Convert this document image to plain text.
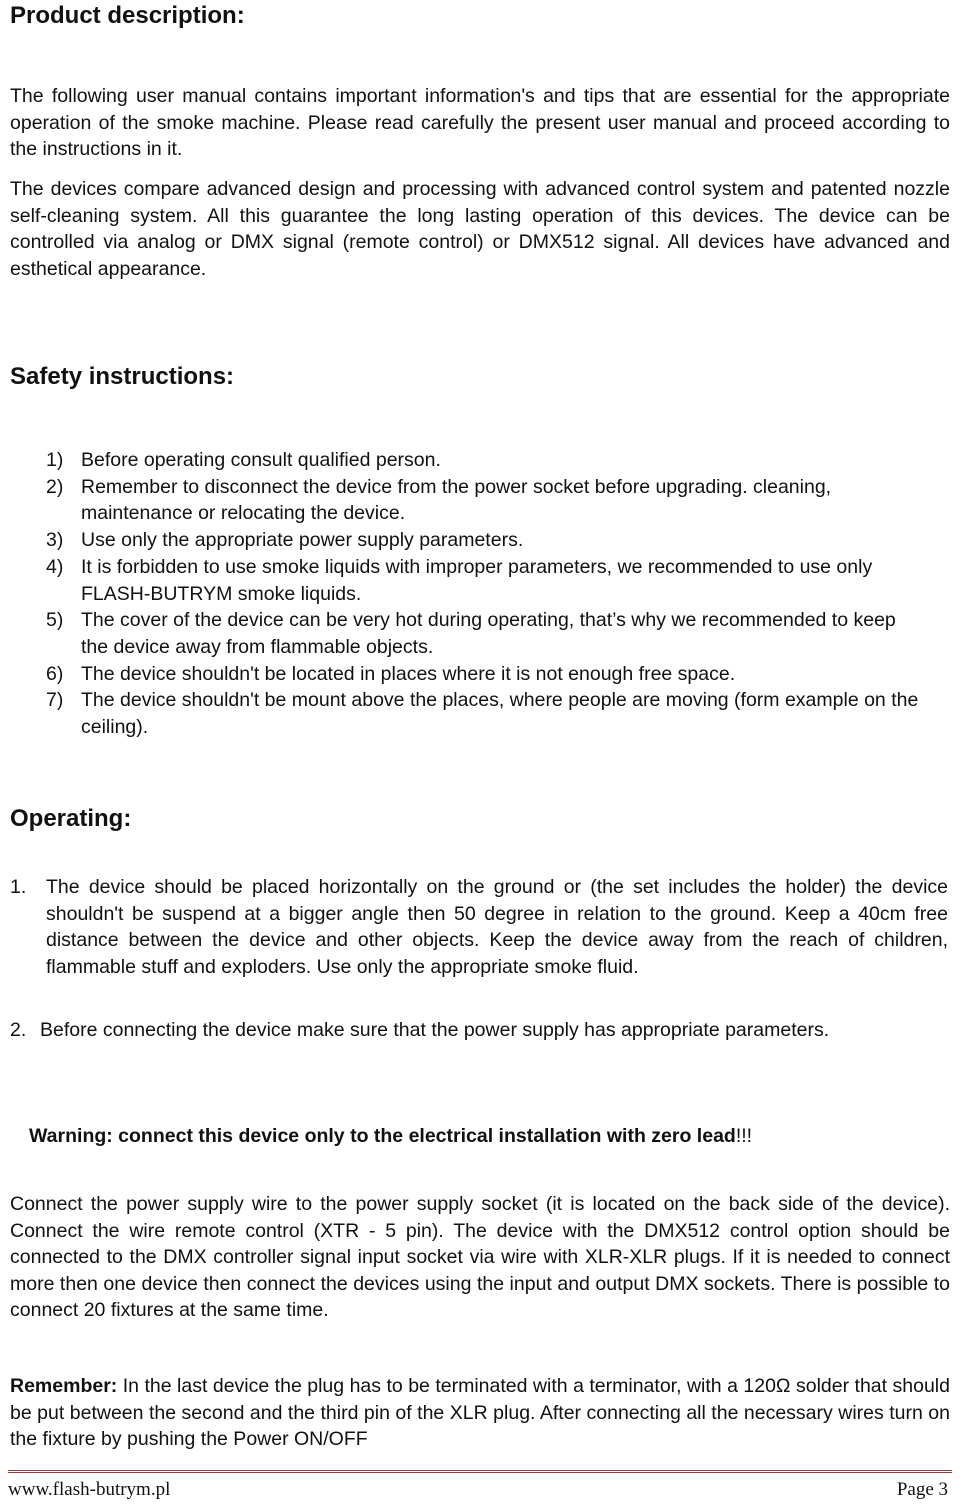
Product description:

The following user manual contains important information's and tips that are essential for the appropriate operation of the smoke machine. Please read carefully the present user manual and proceed according to the instructions in it.

The devices compare advanced design and processing with advanced control system and patented nozzle self-cleaning system. All this guarantee the long lasting operation of this devices. The device can be controlled via analog or DMX signal (remote control) or DMX512 signal. All devices have advanced and esthetical appearance.

Safety instructions:
1) Before operating consult qualified person.
2) Remember to disconnect the device from the power socket before upgrading. cleaning, maintenance or relocating the device.
3) Use only the appropriate power supply parameters.
4) It is forbidden to use smoke liquids with improper parameters, we recommended to use only FLASH-BUTRYM smoke liquids.
5) The cover of the device can be very hot during operating, that’s why we recommended to keep the device away from flammable objects.
6) The device shouldn't be located in places where it is not enough free space.
7) The device shouldn't be mount above the places, where people are moving (form example on the ceiling).
Operating:
1. The device should be placed horizontally on the ground or (the set includes the holder) the device shouldn't be suspend at a bigger angle then 50 degree in relation to the ground. Keep a 40cm free distance between the device and other objects. Keep the device away from the reach of children, flammable stuff and exploders. Use only the appropriate smoke fluid.
2. Before connecting the device make sure that the power supply has appropriate parameters.
Warning: connect this device only to the electrical installation with zero lead!!!

Connect the power supply wire to the power supply socket (it is located on the back side of the device). Connect the wire remote control (XTR - 5 pin). The device with the DMX512 control option should be connected to the DMX controller signal input socket via wire with XLR-XLR plugs. If it is needed to connect more then one device then connect the devices using the input and output DMX sockets. There is possible to connect 20 fixtures at the same time.

Remember: In the last device the plug has to be terminated with a terminator, with a 120Ω solder that should be put between the second and the third pin of the XLR plug. After connecting all the necessary wires turn on the fixture by pushing the Power ON/OFF

www.flash-butrym.pl	Page 3
